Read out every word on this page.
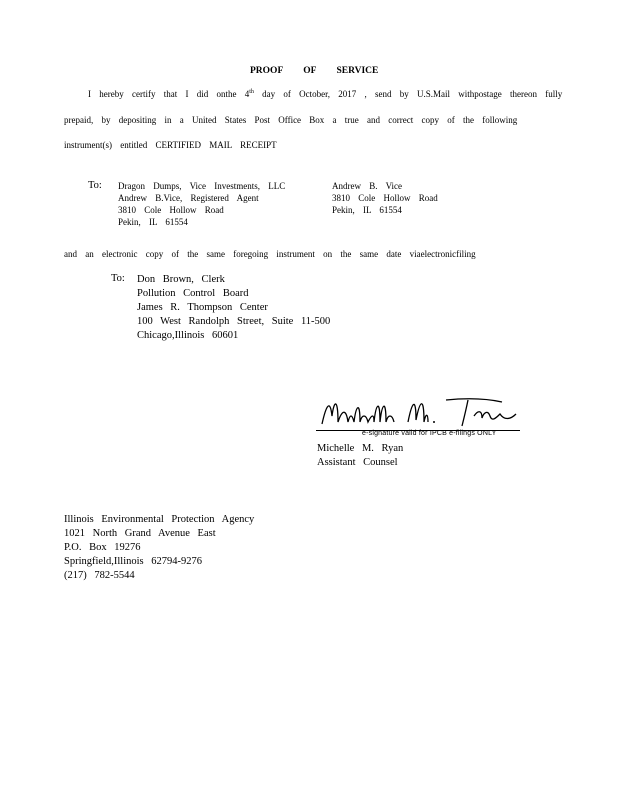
PROOF OF SERVICE
I hereby certify that I did onthe 4th day of October, 2017 , send by U.S.Mail withpostage thereon fully
prepaid, by depositing in a United States Post Office Box a true and correct copy of the following
instrument(s) entitled CERTIFIED MAIL RECEIPT
To: Dragon Dumps, Vice Investments, LLC
Andrew B.Vice, Registered Agent
3810 Cole Hollow Road
Pekin, IL 61554
Andrew B. Vice
3810 Cole Hollow Road
Pekin, IL 61554
and an electronic copy of the same foregoing instrument on the same date viaelectronicfiling
To: Don Brown, Clerk
Pollution Control Board
James R. Thompson Center
100 West Randolph Street, Suite 11-500
Chicago,Illinois 60601
e-signature valid for IPCB e-filings ONLY
Michelle M. Ryan
Assistant Counsel
Illinois Environmental Protection Agency
1021 North Grand Avenue East
P.O. Box 19276
Springfield,Illinois 62794-9276
(217) 782-5544
